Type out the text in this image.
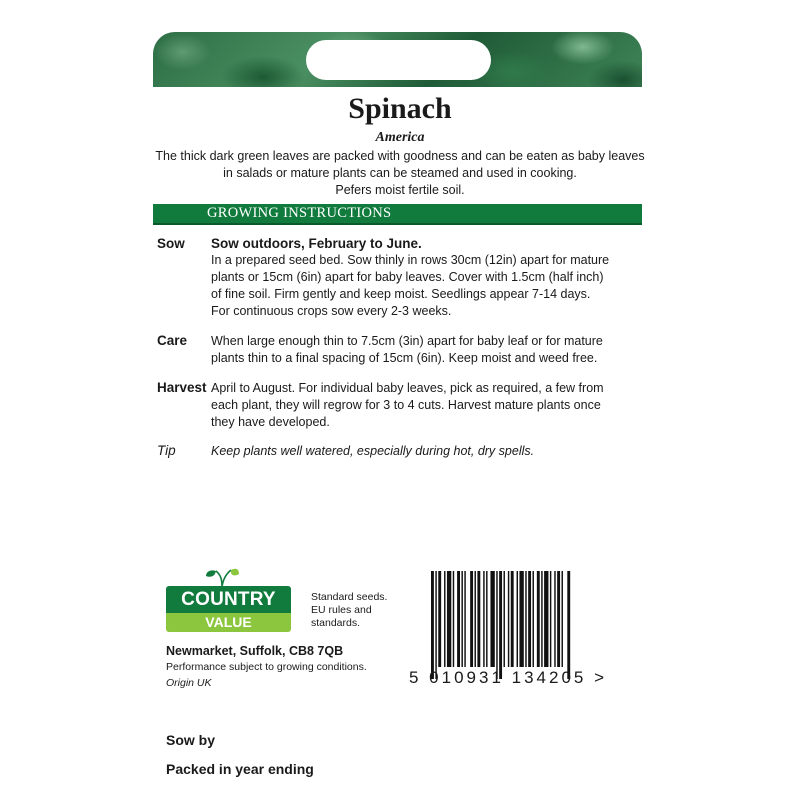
Spinach
America
The thick dark green leaves are packed with goodness and can be eaten as baby leaves
in salads or mature plants can be steamed and used in cooking.
Pefers moist fertile soil.
GROWING INSTRUCTIONS
Sow Sow outdoors, February to June.
In a prepared seed bed. Sow thinly in rows 30cm (12in) apart for mature
plants or 15cm (6in) apart for baby leaves. Cover with 1.5cm (half inch)
of fine soil. Firm gently and keep moist. Seedlings appear 7-14 days.
For continuous crops sow every 2-3 weeks.
Care When large enough thin to 7.5cm (3in) apart for baby leaf or for mature
plants thin to a final spacing of 15cm (6in). Keep moist and weed free.
Harvest April to August. For individual baby leaves, pick as required, a few from
each plant, they will regrow for 3 to 4 cuts. Harvest mature plants once
they have developed.
Tip	Keep plants well watered, especially during hot, dry spells.
COUNTRY
VALUE
Standard seeds.
EU rules and
standards.
Newmarket, Suffolk, CB8 7QB
Performance subject to growing conditions.
Origin UK	5 010931 134205 >
Sow by
Packed in year ending
